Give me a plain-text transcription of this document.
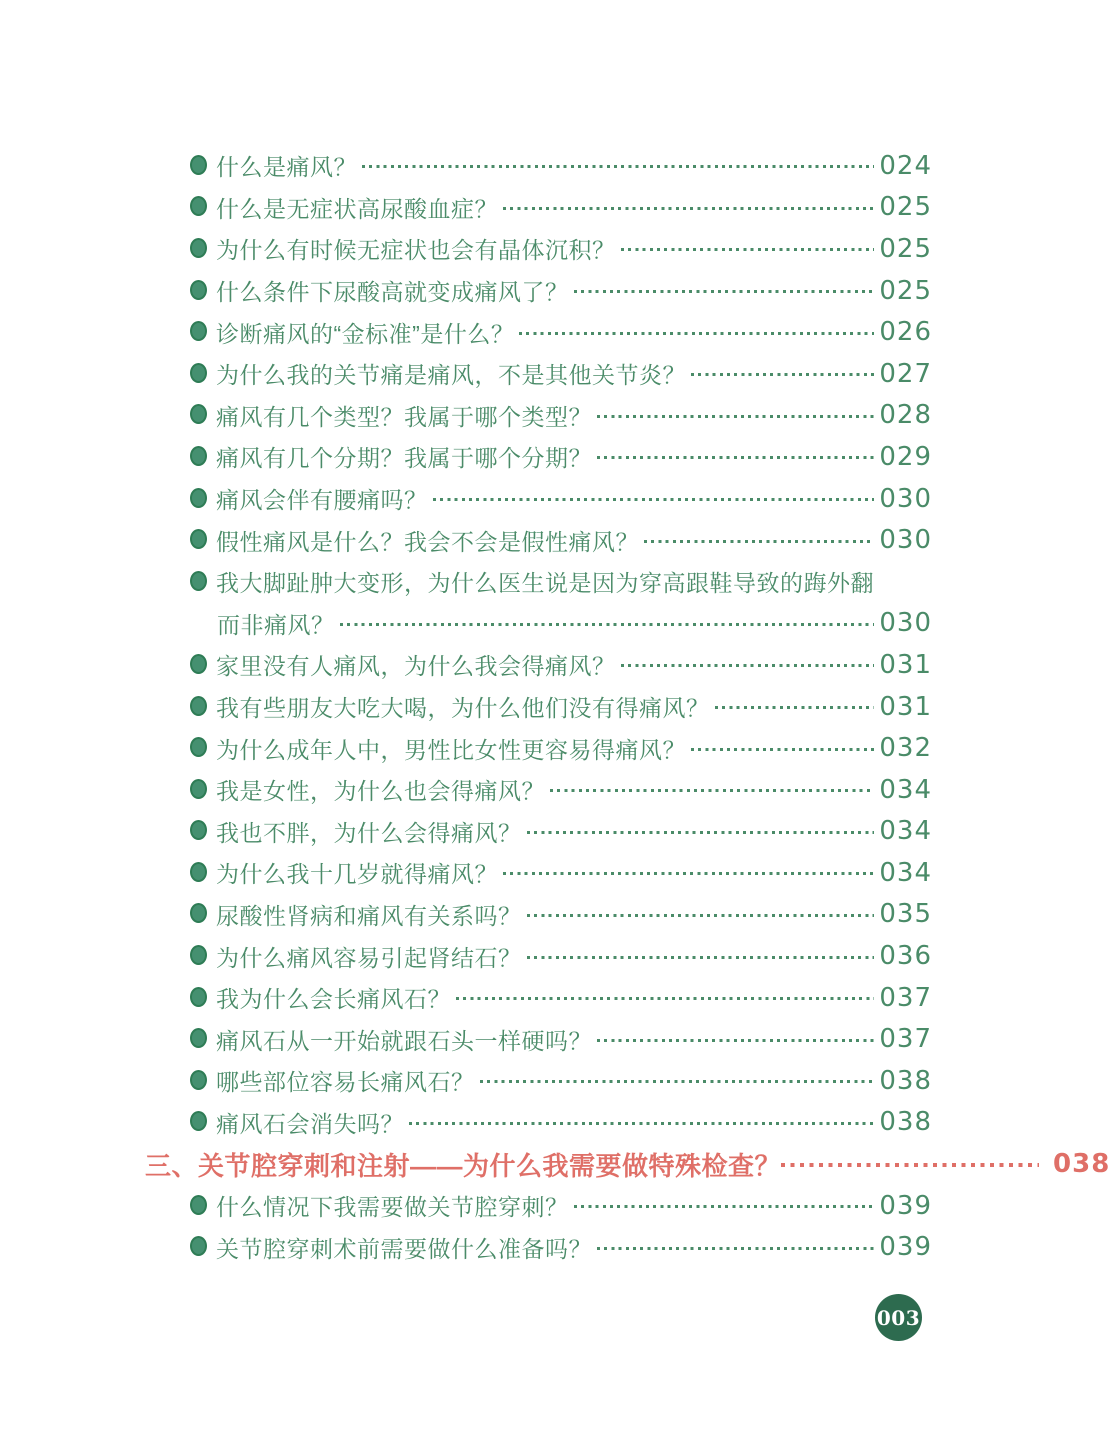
什么是痛风？	024
什么是无症状高尿酸血症？	025
为什么有时候无症状也会有晶体沉积？	025
什么条件下尿酸高就变成痛风了？	025
诊断痛风的“金标准”是什么？	026
为什么我的关节痛是痛风，不是其他关节炎？	027
痛风有几个类型？我属于哪个类型？	028
痛风有几个分期？我属于哪个分期？	029
痛风会伴有腰痛吗？	030
假性痛风是什么？我会不会是假性痛风？	030
我大脚趾肿大变形，为什么医生说是因为穿高跟鞋导致的踇外翻
而非痛风？	030
家里没有人痛风，为什么我会得痛风？	031
我有些朋友大吃大喝，为什么他们没有得痛风？	031
为什么成年人中，男性比女性更容易得痛风？	032
我是女性，为什么也会得痛风？	034
我也不胖，为什么会得痛风？	034
为什么我十几岁就得痛风？	034
尿酸性肾病和痛风有关系吗？	035
为什么痛风容易引起肾结石？	036
我为什么会长痛风石？	037
痛风石从一开始就跟石头一样硬吗？	037
哪些部位容易长痛风石？	038
痛风石会消失吗？	038
三、关节腔穿刺和注射——为什么我需要做特殊检查？	038
什么情况下我需要做关节腔穿刺？	039
关节腔穿刺术前需要做什么准备吗？	039
003
